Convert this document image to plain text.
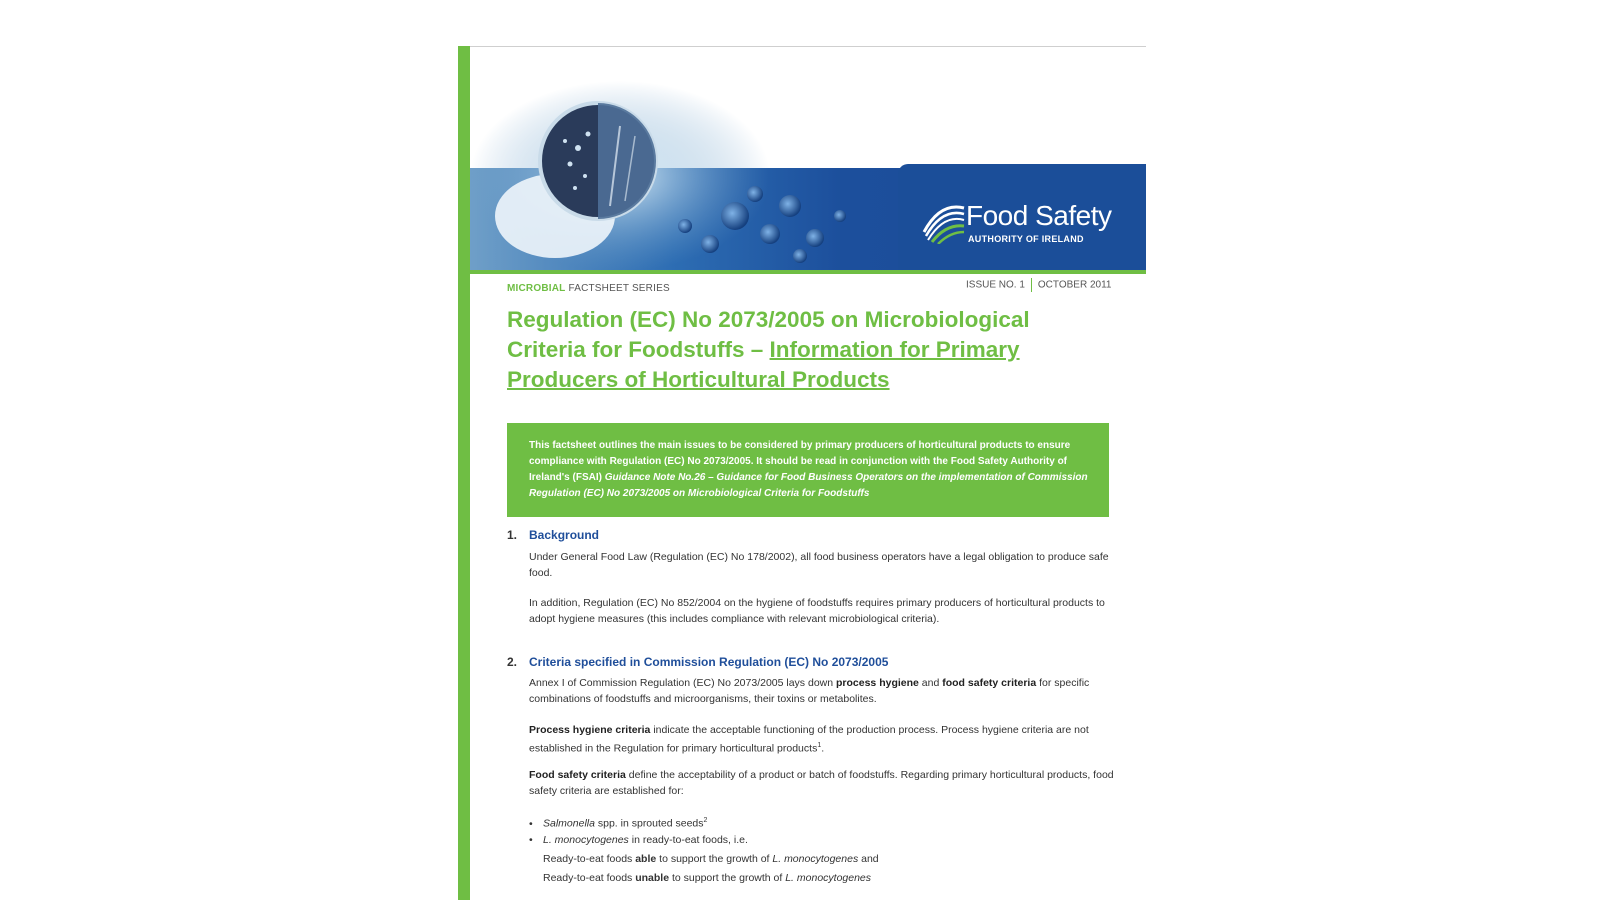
Food Safety
AUTHORITY OF IRELAND
MICROBIAL FACTSHEET SERIES	ISSUE NO. 1 OCTOBER 2011
Regulation (EC) No 2073/2005 on Microbiological Criteria for Foodstuffs – Information for Primary Producers of Horticultural Products

This factsheet outlines the main issues to be considered by primary producers of horticultural products to ensure compliance with Regulation (EC) No 2073/2005. It should be read in conjunction with the Food Safety Authority of Ireland's (FSAI) Guidance Note No.26 – Guidance for Food Business Operators on the implementation of Commission Regulation (EC) No 2073/2005 on Microbiological Criteria for Foodstuffs

1. Background

Under General Food Law (Regulation (EC) No 178/2002), all food business operators have a legal obligation to produce safe food.

In addition, Regulation (EC) No 852/2004 on the hygiene of foodstuffs requires primary producers of horticultural products to adopt hygiene measures (this includes compliance with relevant microbiological criteria).

2. Criteria specified in Commission Regulation (EC) No 2073/2005

Annex I of Commission Regulation (EC) No 2073/2005 lays down process hygiene and food safety criteria for specific combinations of foodstuffs and microorganisms, their toxins or metabolites.

Process hygiene criteria indicate the acceptable functioning of the production process. Process hygiene criteria are not established in the Regulation for primary horticultural products$^1$.

Food safety criteria define the acceptability of a product or batch of foodstuffs. Regarding primary horticultural products, food safety criteria are established for:

• Salmonella spp. in sprouted seeds$^2$
• L. monocytogenes in ready-to-eat foods, i.e.
Ready-to-eat foods able to support the growth of L. monocytogenes and
Ready-to-eat foods unable to support the growth of L. monocytogenes
